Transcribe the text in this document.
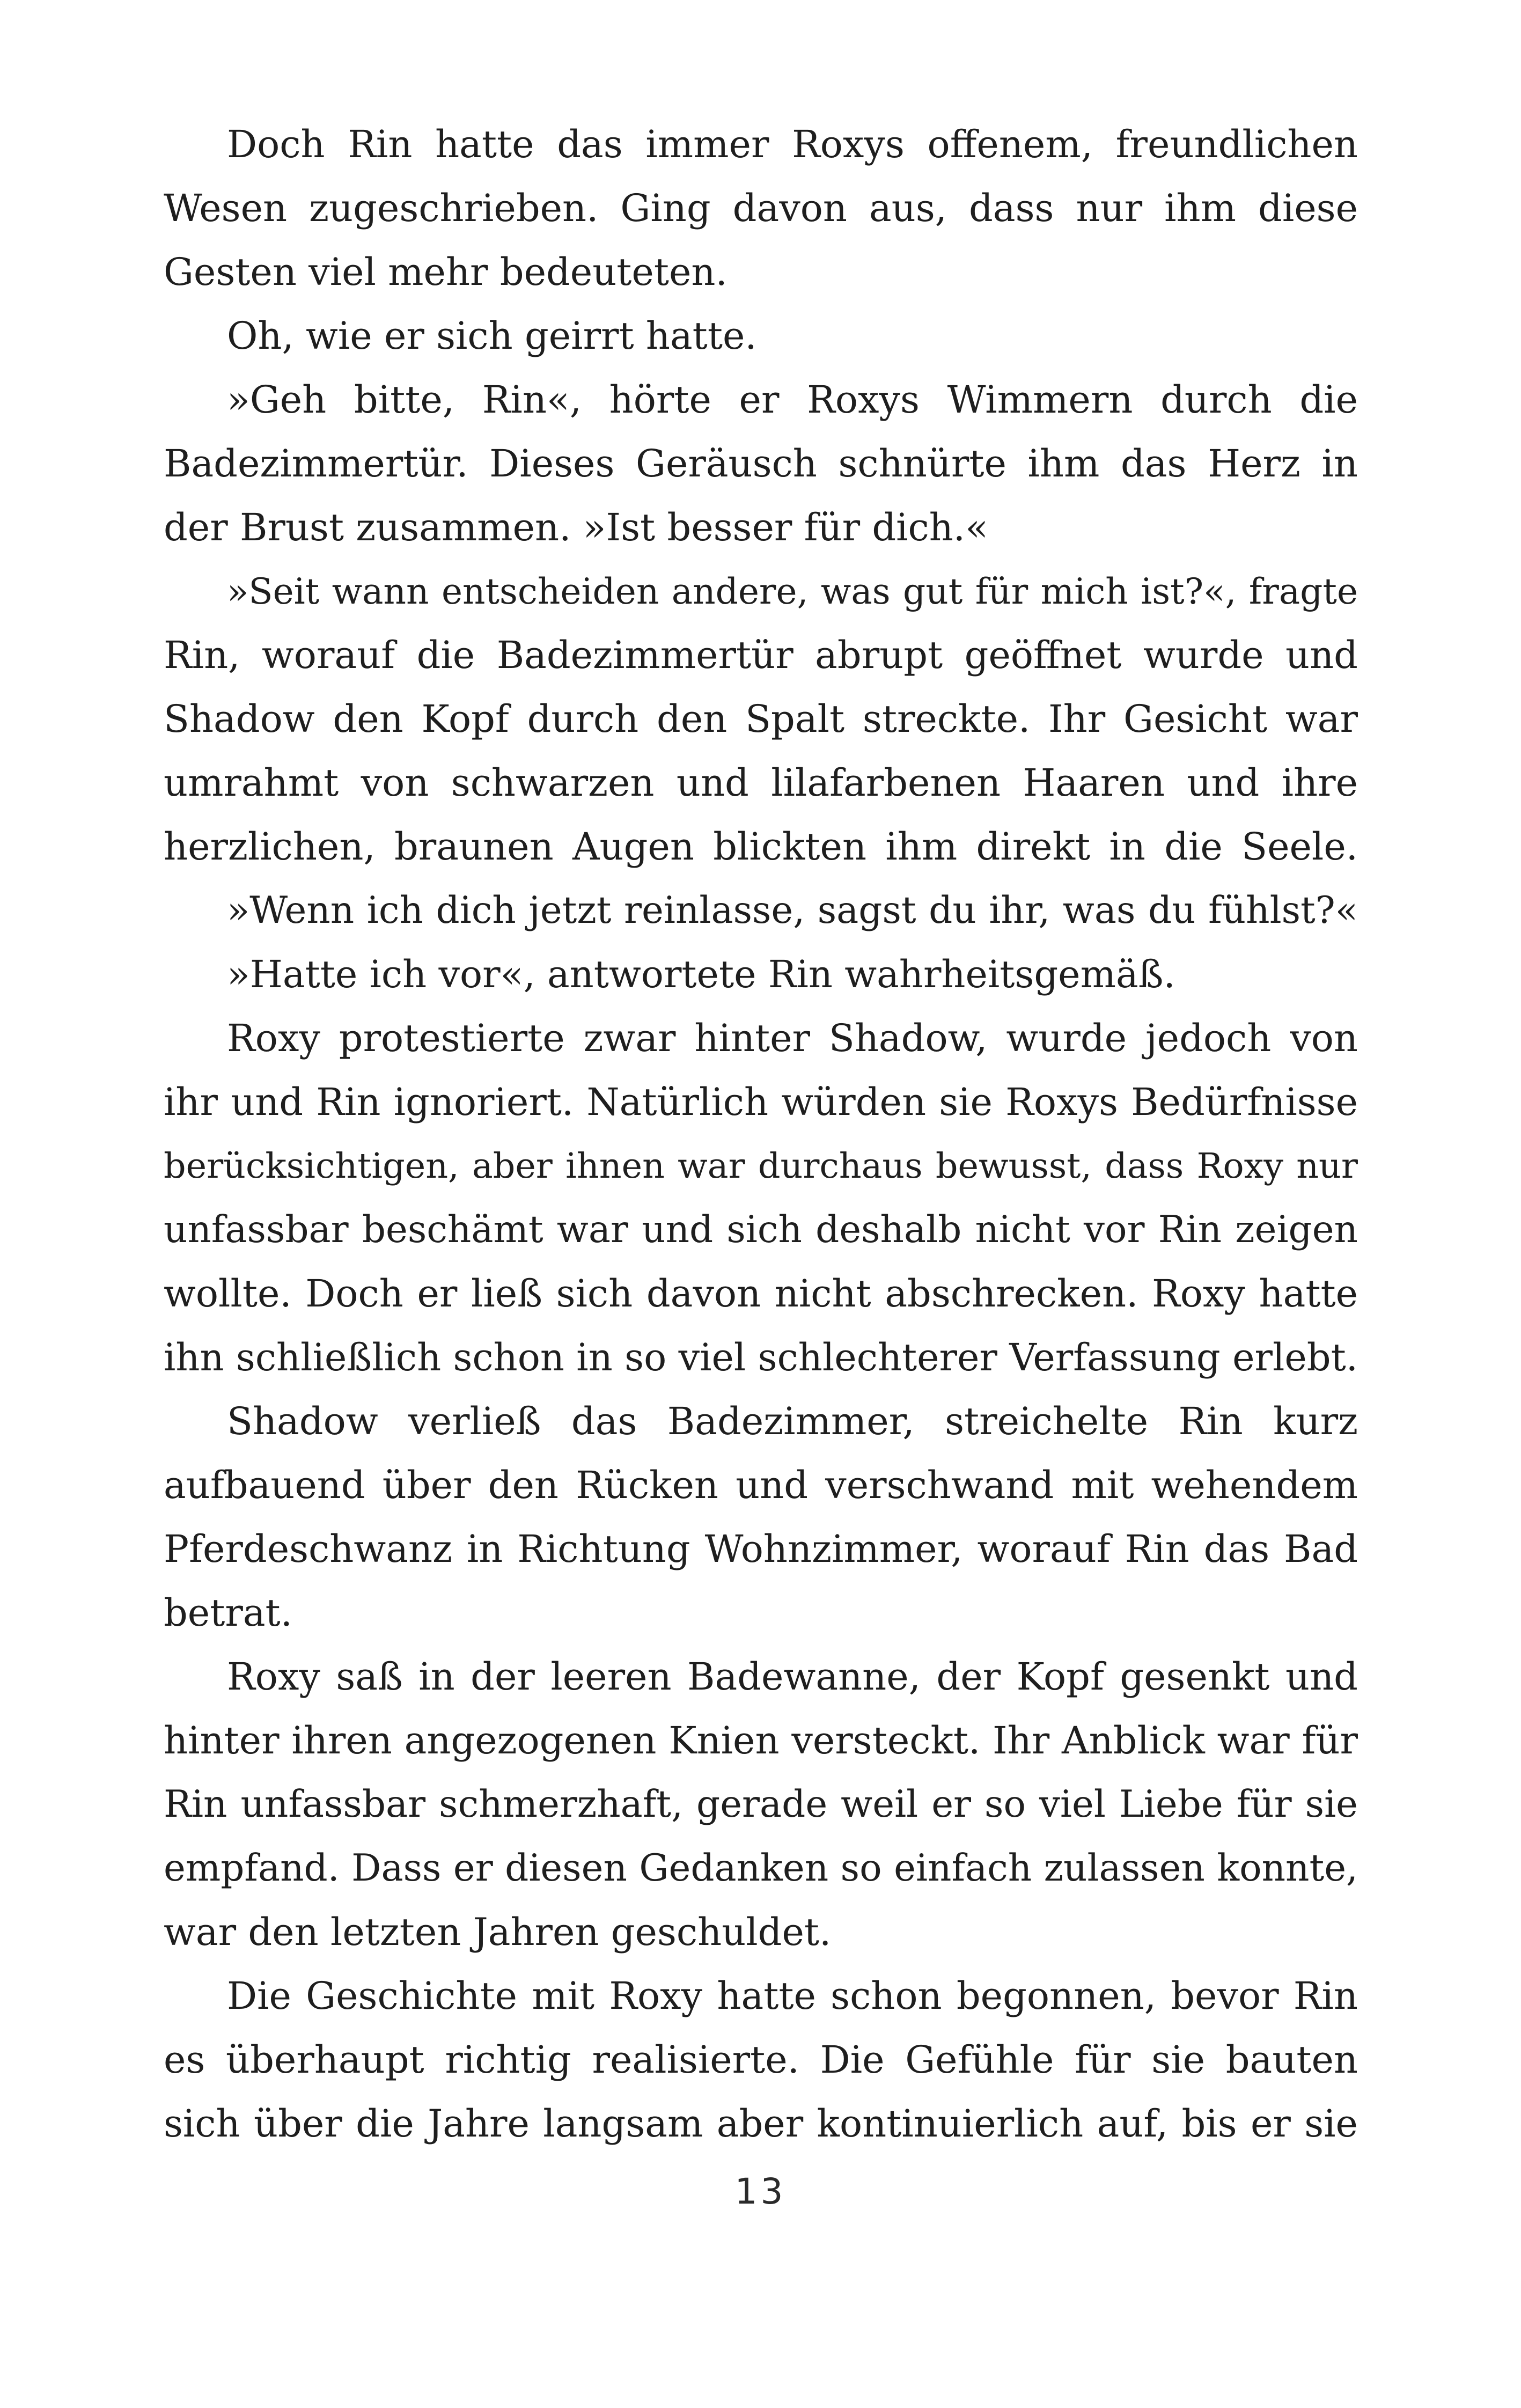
Doch Rin hatte das immer Roxys offenem, freundlichen
Wesen zugeschrieben. Ging davon aus, dass nur ihm diese
Gesten viel mehr bedeuteten.
Oh, wie er sich geirrt hatte.
»Geh bitte, Rin«, hörte er Roxys Wimmern durch die
Badezimmertür. Dieses Geräusch schnürte ihm das Herz in
der Brust zusammen. »Ist besser für dich.«
»Seit wann entscheiden andere, was gut für mich ist?«, fragte
Rin, worauf die Badezimmertür abrupt geöffnet wurde und
Shadow den Kopf durch den Spalt streckte. Ihr Gesicht war
umrahmt von schwarzen und lilafarbenen Haaren und ihre
herzlichen, braunen Augen blickten ihm direkt in die Seele.
»Wenn ich dich jetzt reinlasse, sagst du ihr, was du fühlst?«
»Hatte ich vor«, antwortete Rin wahrheitsgemäß.
Roxy protestierte zwar hinter Shadow, wurde jedoch von
ihr und Rin ignoriert. Natürlich würden sie Roxys Bedürfnisse
berücksichtigen, aber ihnen war durchaus bewusst, dass Roxy nur
unfassbar beschämt war und sich deshalb nicht vor Rin zeigen
wollte. Doch er ließ sich davon nicht abschrecken. Roxy hatte
ihn schließlich schon in so viel schlechterer Verfassung erlebt.
Shadow verließ das Badezimmer, streichelte Rin kurz
aufbauend über den Rücken und verschwand mit wehendem
Pferdeschwanz in Richtung Wohnzimmer, worauf Rin das Bad
betrat.
Roxy saß in der leeren Badewanne, der Kopf gesenkt und
hinter ihren angezogenen Knien versteckt. Ihr Anblick war für
Rin unfassbar schmerzhaft, gerade weil er so viel Liebe für sie
empfand. Dass er diesen Gedanken so einfach zulassen konnte,
war den letzten Jahren geschuldet.
Die Geschichte mit Roxy hatte schon begonnen, bevor Rin
es überhaupt richtig realisierte. Die Gefühle für sie bauten
sich über die Jahre langsam aber kontinuierlich auf, bis er sie
13
